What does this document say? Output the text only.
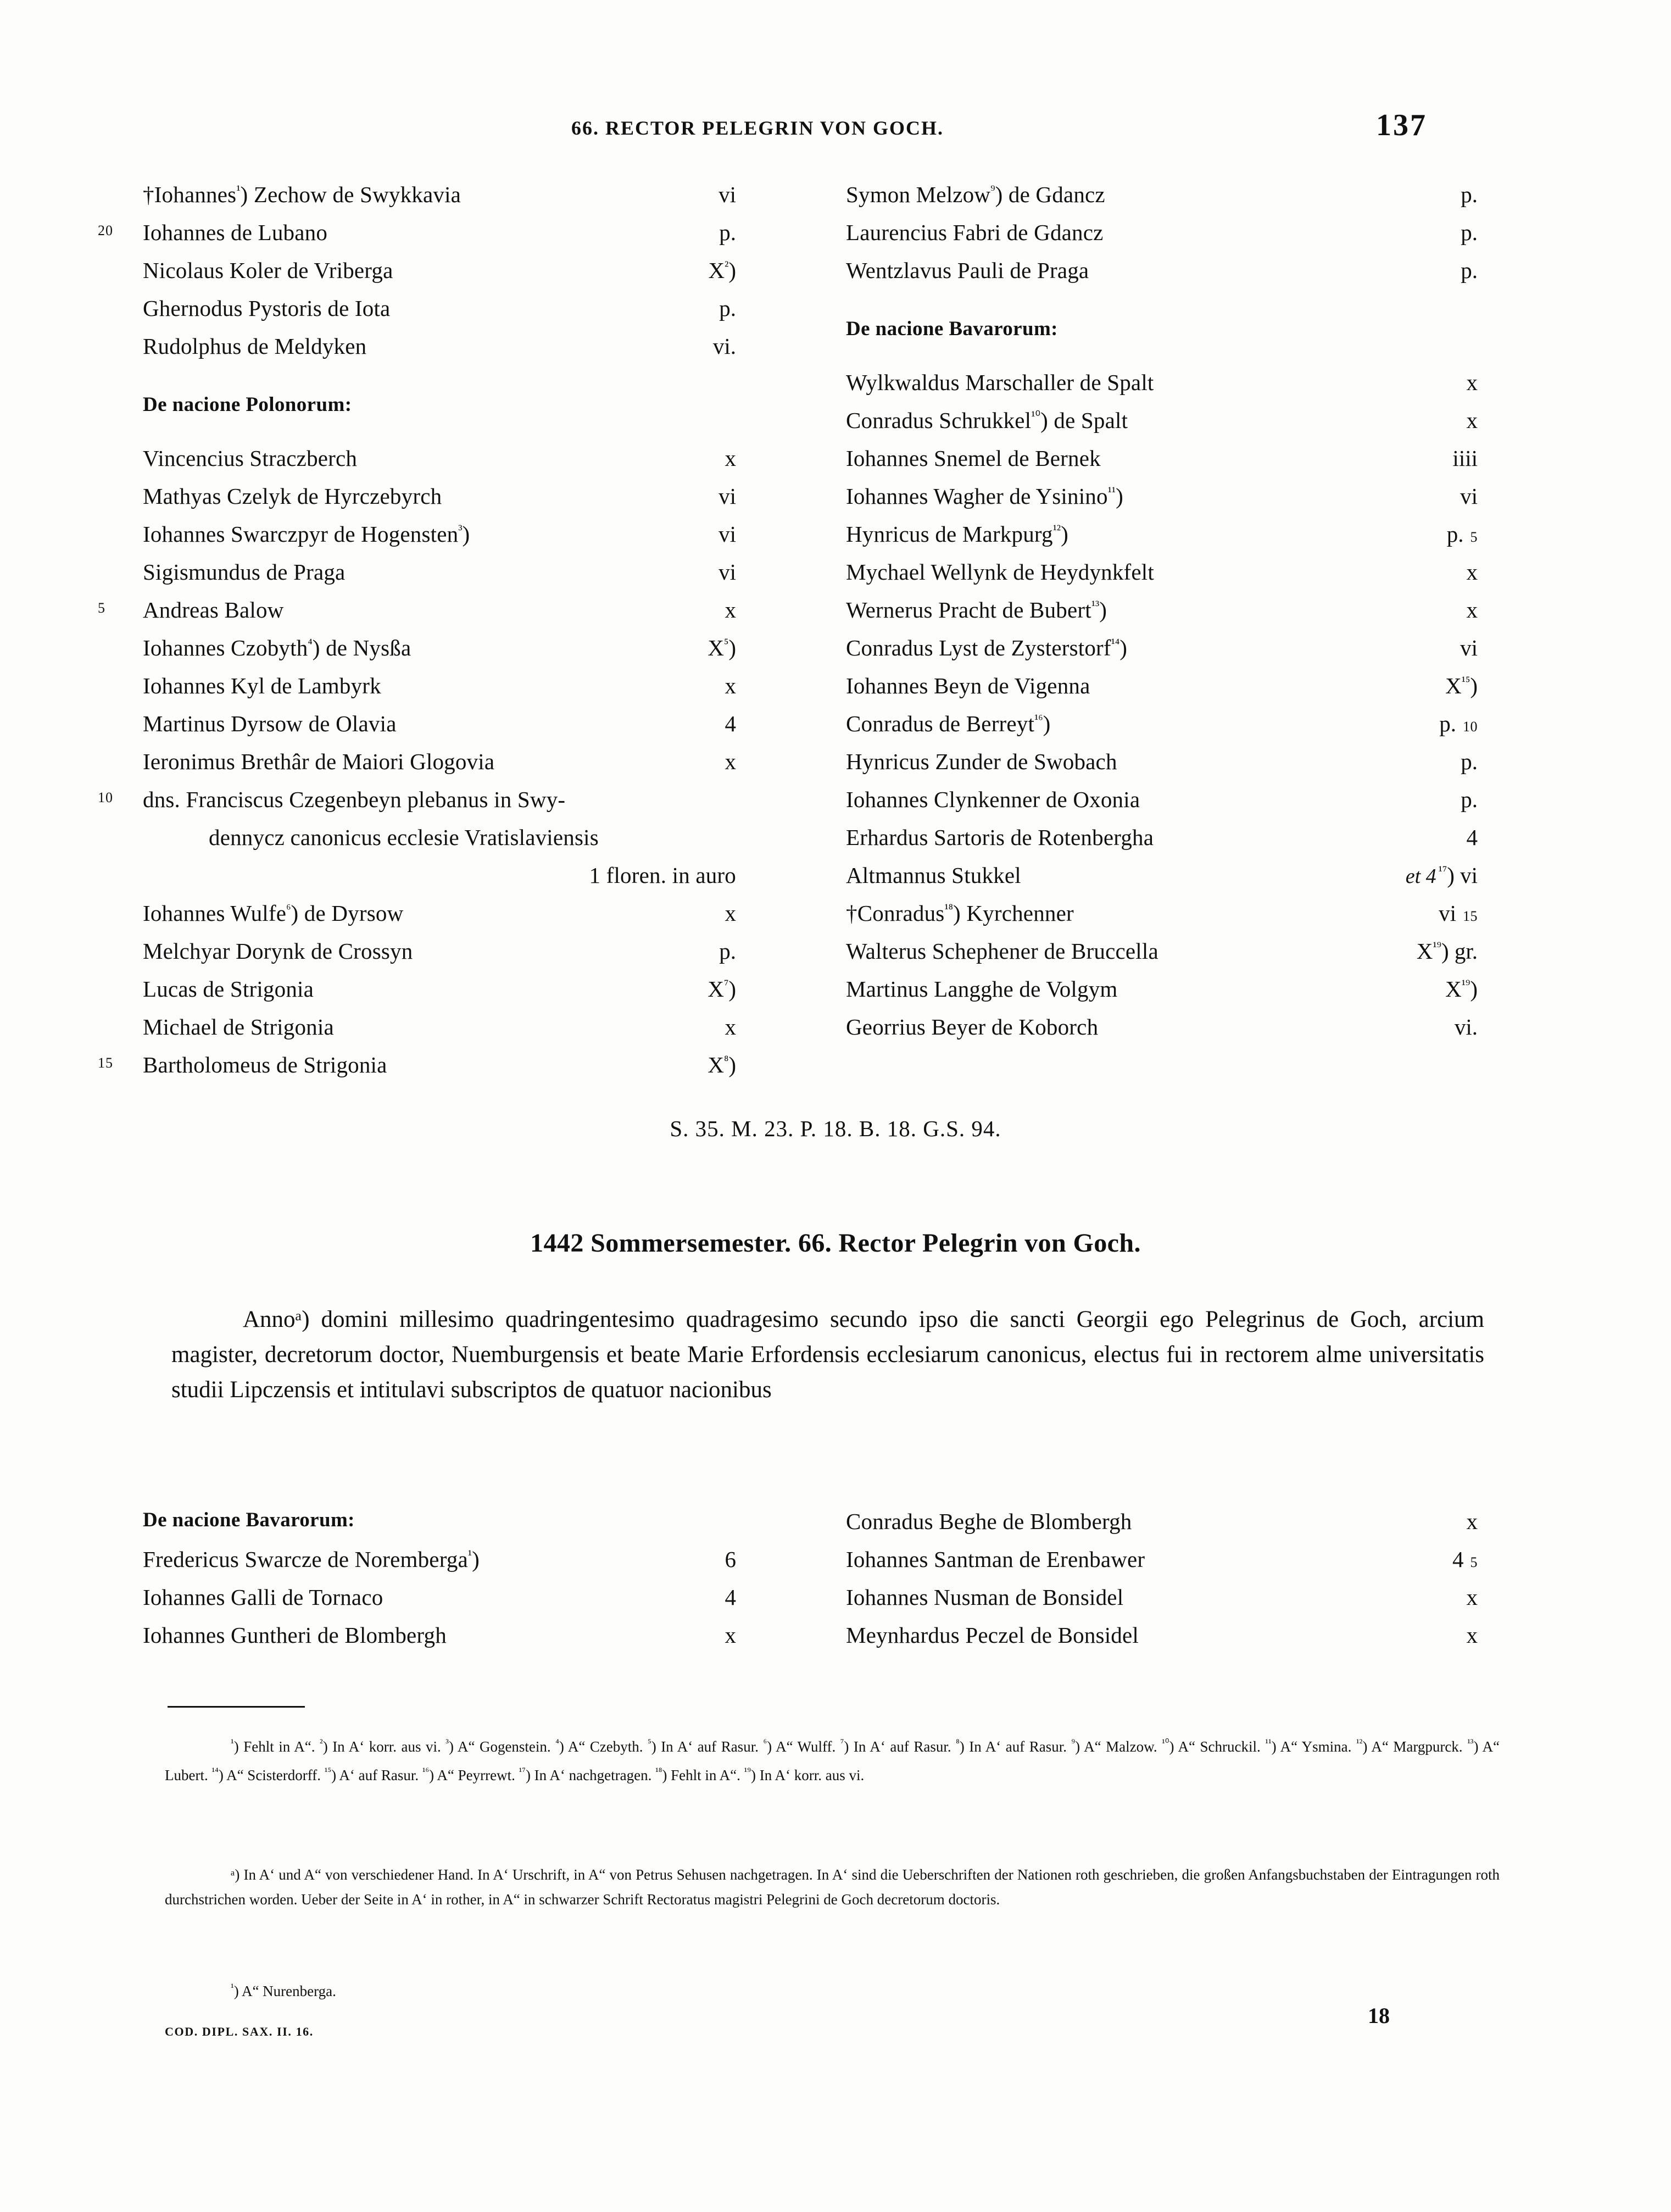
66. RECTOR PELEGRIN VON GOCH.	137
†Iohannes$^{^1}$) Zechow de Swykkavia	vi
20 Iohannes de Lubano	p.
Nicolaus Koler de Vriberga	$X^{^2}$)
Ghernodus Pystoris de Iota	p.
Rudolphus de Meldyken	vi.
De nacione Polonorum:
Vincencius Straczberch	x
Mathyas Czelyk de Hyrczebyrch	vi
Iohannes Swarczpyr de Hogensten$^{^3}$)	vi
Sigismundus de Praga	vi
5 Andreas Balow	x
Iohannes Czobyth$^{^4}$) de Nysßa	$X^{^5}$)
Iohannes Kyl de Lambyrk	x
Martinus Dyrsow de Olavia	4
Ieronimus Brethâr de Maiori Glogovia	x
10 dns. Franciscus Czegenbeyn plebanus in Swy-
dennycz canonicus ecclesie Vratislaviensis
1 floren. in auro
Iohannes Wulfe$^{^6}$) de Dyrsow	x
Melchyar Dorynk de Crossyn	p.
Lucas de Strigonia	$X^{^7}$)
Michael de Strigonia	x
15 Bartholomeus de Strigonia	$X^{^8}$)
Symon Melzow$^{^9}$) de Gdancz	p.
Laurencius Fabri de Gdancz	p.
Wentzlavus Pauli de Praga	p.
De nacione Bavarorum:
Wylkwaldus Marschaller de Spalt	x
Conradus Schrukkel$^{^{10}}$) de Spalt	x
Iohannes Snemel de Bernek	iiii
Iohannes Wagher de Ysinino$^{^{11}}$)	vi
Hynricus de Markpurg$^{^{12}}$)	p. 5
Mychael Wellynk de Heydynkfelt	x
Wernerus Pracht de Bubert$^{^{13}}$)	x
Conradus Lyst de Zysterstorf$^{^{14}}$)	vi
Iohannes Beyn de Vigenna	$X^{^{15}}$)
Conradus de Berreyt$^{^{16}}$)	p. 10
Hynricus Zunder de Swobach	p.
Iohannes Clynkenner de Oxonia	p.
Erhardus Sartoris de Rotenbergha	4
Altmannus Stukkel	et 4 $^{^{17}}$) vi
†Conradus$^{^{18}}$) Kyrchenner	vi 15
Walterus Schephener de Bruccella	$X^{^{19}}$) gr.
Martinus Langghe de Volgym	$X^{^{19}}$)
Georrius Beyer de Koborch	vi.
S. 35. M. 23. P. 18. B. 18. G.S. 94.
1442 Sommersemester. 66. Rector Pelegrin von Goch.
Annoᵃ) domini millesimo quadringentesimo quadragesimo secundo ipso die sancti Georgii ego Pelegrinus de Goch, arcium magister, decretorum doctor, Nuemburgensis et beate Marie Erfordensis ecclesiarum canonicus, electus fui in rectorem alme universitatis studii Lipczensis et intitulavi subscriptos de quatuor nacionibus
De nacione Bavarorum:
Fredericus Swarcze de Noremberga$^{^1}$)	6
Iohannes Galli de Tornaco	4
Iohannes Guntheri de Blombergh	x
Conradus Beghe de Blombergh	x
Iohannes Santman de Erenbawer	4 5
Iohannes Nusman de Bonsidel	x
Meynhardus Peczel de Bonsidel	x
$^{^1}$) Fehlt in A“. $^{^2}$) In A‘ korr. aus vi. $^{^3}$) A“ Gogenstein. $^{^4}$) A“ Czebyth. $^{^5}$) In A‘ auf Rasur. $^{^6}$) A“ Wulff. $^{^7}$) In A‘ auf Rasur. $^{^8}$) In A‘ auf Rasur. $^{^9}$) A“ Malzow. $^{^{10}}$) A“ Schruckil. $^{^{11}}$) A“ Ysmina. $^{^{12}}$) A“ Margpurck. $^{^{13}}$) A“ Lubert. $^{^{14}}$) A“ Scisterdorff. $^{^{15}}$) A‘ auf Rasur. $^{^{16}}$) A“ Peyrrewt. $^{^{17}}$) In A‘ nachgetragen. $^{^{18}}$) Fehlt in A“. $^{^{19}}$) In A‘ korr. aus vi.
ᵃ) In A‘ und A“ von verschiedener Hand. In A‘ Urschrift, in A“ von Petrus Sehusen nachgetragen. In A‘ sind die Ueberschriften der Nationen roth geschrieben, die großen Anfangsbuchstaben der Eintragungen roth durchstrichen worden. Ueber der Seite in A‘ in rother, in A“ in schwarzer Schrift Rectoratus magistri Pelegrini de Goch decretorum doctoris.
$^{^1}$) A“ Nurenberga.
COD. DIPL. SAX. II. 16.
18
